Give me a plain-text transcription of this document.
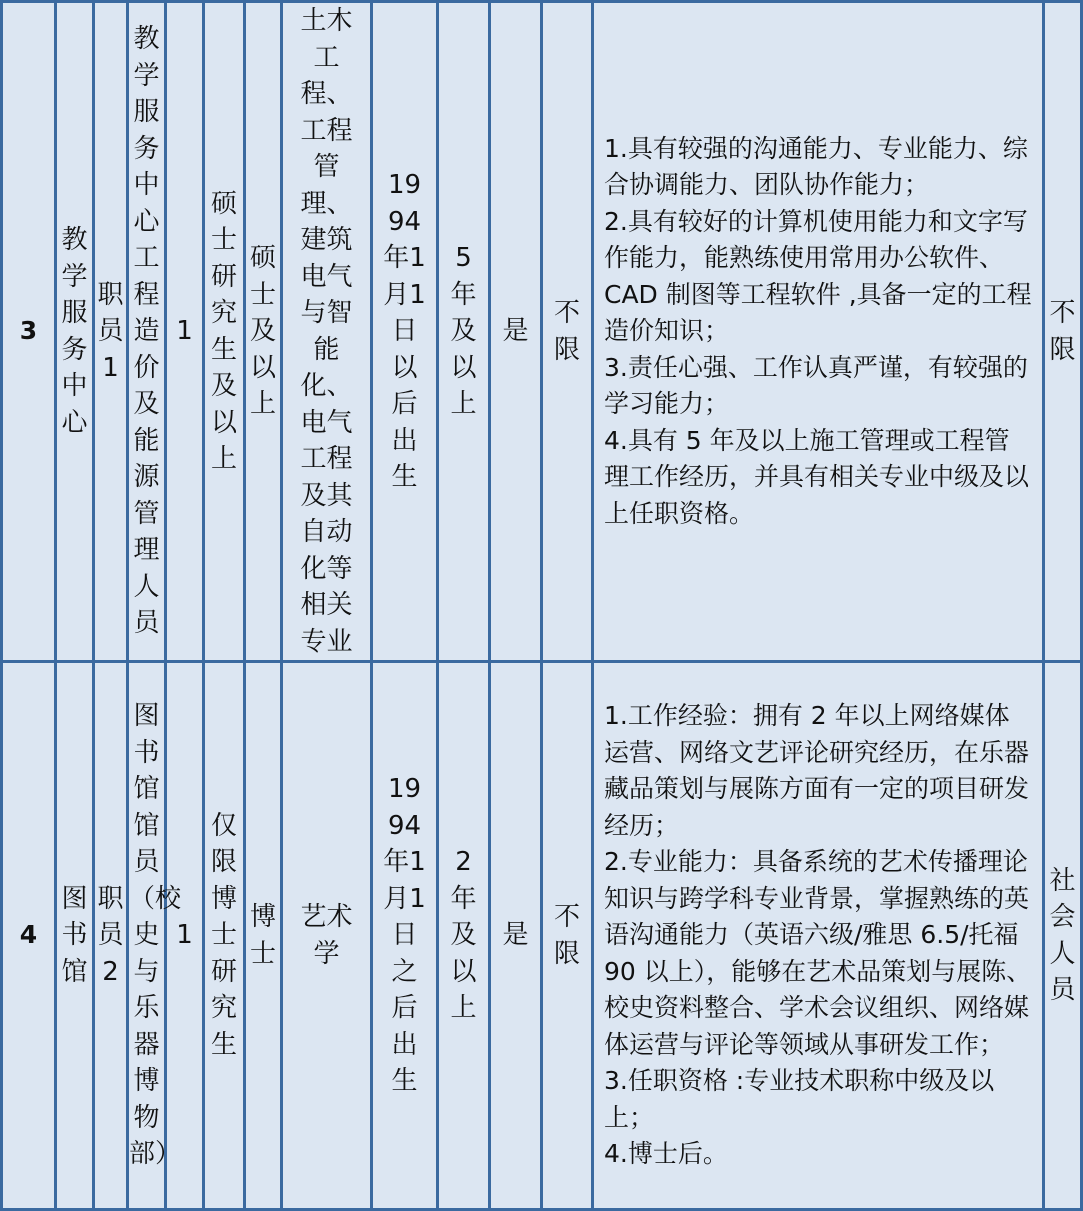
3	教学服务中心	职员1	教学服务中心工程造价及能源管理人员	1	硕士研究生及以上	硕士及以上	土木工程、工程管理、建筑电气与智能化、电气工程及其自动化等相关专业	1994年1月1日以后出生	5年及以上	是	不限	1.具有较强的沟通能力、专业能力、综合协调能力、团队协作能力；
2.具有较好的计算机使用能力和文字写作能力，能熟练使用常用办公软件、CAD 制图等工程软件 ,具备一定的工程造价知识；
3.责任心强、工作认真严谨，有较强的学习能力；
4.具有 5 年及以上施工管理或工程管理工作经历，并具有相关专业中级及以上任职资格。	不限

4	图书馆	职员2	图书馆馆员（校史与乐器博物部）	1	仅限博士研究生	博士	艺术学	1994年1月1日之后出生	2年及以上	是	不限	1.工作经验：拥有 2 年以上网络媒体运营、网络文艺评论研究经历，在乐器藏品策划与展陈方面有一定的项目研发经历；
2.专业能力：具备系统的艺术传播理论知识与跨学科专业背景，掌握熟练的英语沟通能力（英语六级/雅思 6.5/托福 90 以上），能够在艺术品策划与展陈、校史资料整合、学术会议组织、网络媒体运营与评论等领域从事研发工作；
3.任职资格 :专业技术职称中级及以上；
4.博士后。	社会人员
